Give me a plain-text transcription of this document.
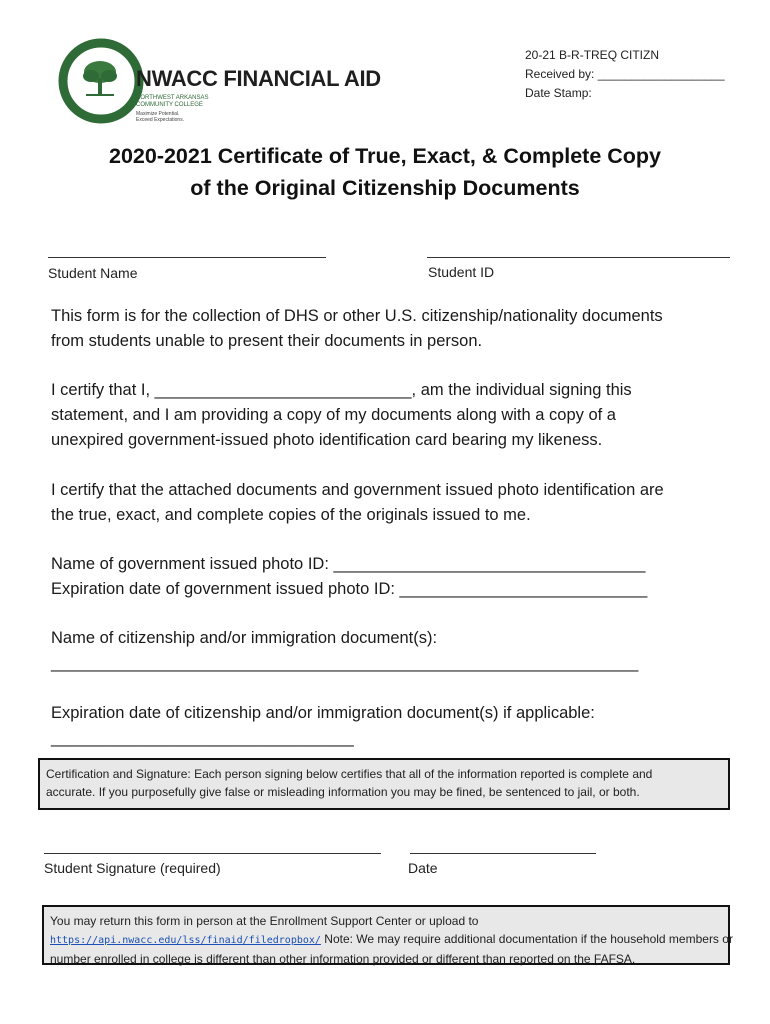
NWACC FINANCIAL AID
NORTHWEST ARKANSAS
COMMUNITY COLLEGE
Maximize Potential.
Exceed Expectations.
20-21 B-R-TREQ CITIZN
Received by: ___________________
Date Stamp:
2020-2021 Certificate of True, Exact, & Complete Copy
of the Original Citizenship Documents
Student Name	Student ID
This form is for the collection of DHS or other U.S. citizenship/nationality documents
from students unable to present their documents in person.
I certify that I, ____________________________, am the individual signing this
statement, and I am providing a copy of my documents along with a copy of a
unexpired government-issued photo identification card bearing my likeness.
I certify that the attached documents and government issued photo identification are
the true, exact, and complete copies of the originals issued to me.
Name of government issued photo ID: __________________________________
Expiration date of government issued photo ID: ___________________________
Name of citizenship and/or immigration document(s):
________________________________________________________________
Expiration date of citizenship and/or immigration document(s) if applicable:
_________________________________
Certification and Signature: Each person signing below certifies that all of the information reported is complete and
accurate. If you purposefully give false or misleading information you may be fined, be sentenced to jail, or both.
Student Signature (required)	Date
You may return this form in person at the Enrollment Support Center or upload to
https://api.nwacc.edu/lss/finaid/filedropbox/ Note: We may require additional documentation if the household members or
number enrolled in college is different than other information provided or different than reported on the FAFSA.
